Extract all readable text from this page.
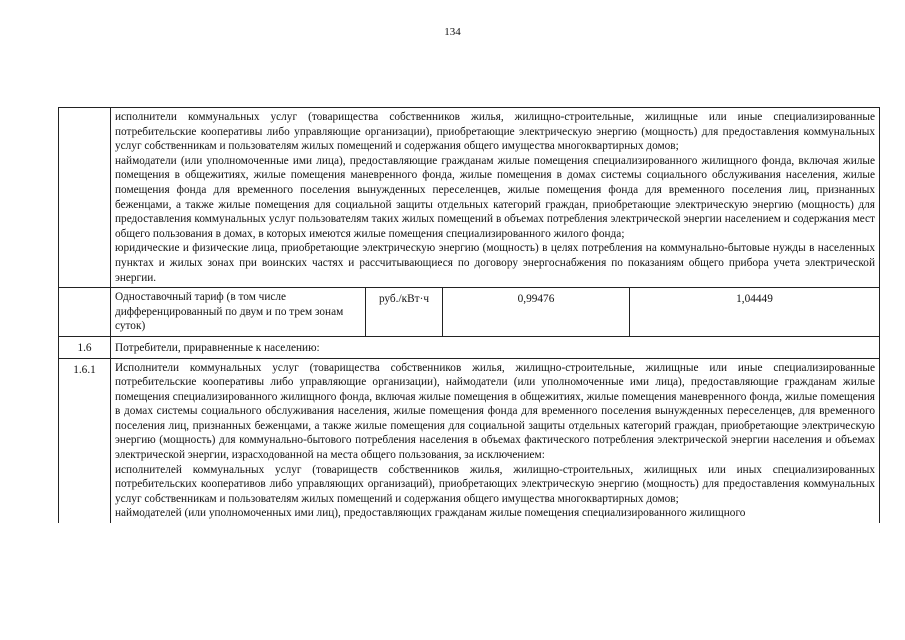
134

	исполнители коммунальных услуг (товарищества собственников жилья, жилищно-строительные, жилищные или иные специализированные потребительские кооперативы либо управляющие организации), приобретающие электрическую энергию (мощность) для предоставления коммунальных услуг собственникам и пользователям жилых помещений и содержания общего имущества многоквартирных домов;

наймодатели (или уполномоченные ими лица), предоставляющие гражданам жилые помещения специализированного жилищного фонда, включая жилые помещения в общежитиях, жилые помещения маневренного фонда, жилые помещения в домах системы социального обслуживания населения, жилые помещения фонда для временного поселения вынужденных переселенцев, жилые помещения фонда для временного поселения лиц, признанных беженцами, а также жилые помещения для социальной защиты отдельных категорий граждан, приобретающие электрическую энергию (мощность) для предоставления коммунальных услуг пользователям таких жилых помещений в объемах потребления электрической энергии населением и содержания мест общего пользования в домах, в которых имеются жилые помещения специализированного жилого фонда;

юридические и физические лица, приобретающие электрическую энергию (мощность) в целях потребления на коммунально-бытовые нужды в населенных пунктах и жилых зонах при воинских частях и рассчитывающиеся по договору энергоснабжения по показаниям общего прибора учета электрической энергии.			

	Одноставочный тариф (в том числе дифференцированный по двум и по трем зонам суток)	руб./кВт·ч	0,99476	1,04449
1.6	Потребители, приравненные к населению:			
1.6.1	Исполнители коммунальных услуг (товарищества собственников жилья, жилищно-строительные, жилищные или иные специализированные потребительские кооперативы либо управляющие организации), наймодатели (или уполномоченные ими лица), предоставляющие гражданам жилые помещения специализированного жилищного фонда, включая жилые помещения в общежитиях, жилые помещения маневренного фонда, жилые помещения в домах системы социального обслуживания населения, жилые помещения фонда для временного поселения вынужденных переселенцев, для временного поселения лиц, признанных беженцами, а также жилые помещения для социальной защиты отдельных категорий граждан, приобретающие электрическую энергию (мощность) для коммунально-бытового потребления населения в объемах фактического потребления электрической энергии населения и объемах электрической энергии, израсходованной на места общего пользования, за исключением:

исполнителей коммунальных услуг (товариществ собственников жилья, жилищно-строительных, жилищных или иных специализированных потребительских кооперативов либо управляющих организаций), приобретающих электрическую энергию (мощность) для предоставления коммунальных услуг собственникам и пользователям жилых помещений и содержания общего имущества многоквартирных домов;

наймодателей (или уполномоченных ими лиц), предоставляющих гражданам жилые помещения специализированного жилищного			
